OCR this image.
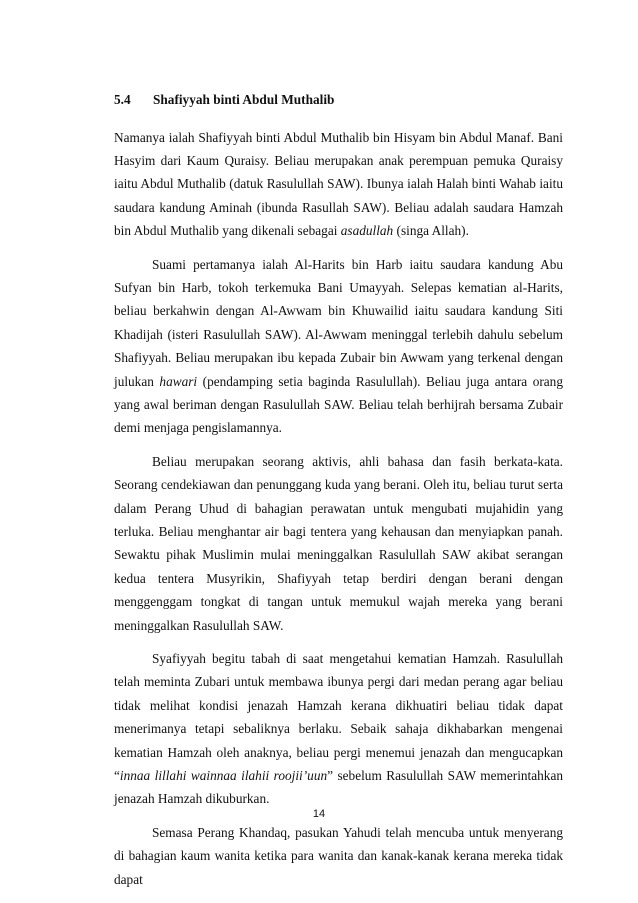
5.4 Shafiyyah binti Abdul Muthalib

Namanya ialah Shafiyyah binti Abdul Muthalib bin Hisyam bin Abdul Manaf. Bani Hasyim dari Kaum Quraisy. Beliau merupakan anak perempuan pemuka Quraisy iaitu Abdul Muthalib (datuk Rasulullah SAW). Ibunya ialah Halah binti Wahab iaitu saudara kandung Aminah (ibunda Rasullah SAW). Beliau adalah saudara Hamzah bin Abdul Muthalib yang dikenali sebagai asadullah (singa Allah).

Suami pertamanya ialah Al-Harits bin Harb iaitu saudara kandung Abu Sufyan bin Harb, tokoh terkemuka Bani Umayyah. Selepas kematian al-Harits, beliau berkahwin dengan Al-Awwam bin Khuwailid iaitu saudara kandung Siti Khadijah (isteri Rasulullah SAW). Al-Awwam meninggal terlebih dahulu sebelum Shafiyyah. Beliau merupakan ibu kepada Zubair bin Awwam yang terkenal dengan julukan hawari (pendamping setia baginda Rasulullah). Beliau juga antara orang yang awal beriman dengan Rasulullah SAW. Beliau telah berhijrah bersama Zubair demi menjaga pengislamannya.

Beliau merupakan seorang aktivis, ahli bahasa dan fasih berkata-kata. Seorang cendekiawan dan penunggang kuda yang berani. Oleh itu, beliau turut serta dalam Perang Uhud di bahagian perawatan untuk mengubati mujahidin yang terluka. Beliau menghantar air bagi tentera yang kehausan dan menyiapkan panah. Sewaktu pihak Muslimin mulai meninggalkan Rasulullah SAW akibat serangan kedua tentera Musyrikin, Shafiyyah tetap berdiri dengan berani dengan menggenggam tongkat di tangan untuk memukul wajah mereka yang berani meninggalkan Rasulullah SAW.

Syafiyyah begitu tabah di saat mengetahui kematian Hamzah. Rasulullah telah meminta Zubari untuk membawa ibunya pergi dari medan perang agar beliau tidak melihat kondisi jenazah Hamzah kerana dikhuatiri beliau tidak dapat menerimanya tetapi sebaliknya berlaku. Sebaik sahaja dikhabarkan mengenai kematian Hamzah oleh anaknya, beliau pergi menemui jenazah dan mengucapkan “innaa lillahi wainnaa ilahii roojii’uun” sebelum Rasulullah SAW memerintahkan jenazah Hamzah dikuburkan.

Semasa Perang Khandaq, pasukan Yahudi telah mencuba untuk menyerang di bahagian kaum wanita ketika para wanita dan kanak-kanak kerana mereka tidak dapat

14
